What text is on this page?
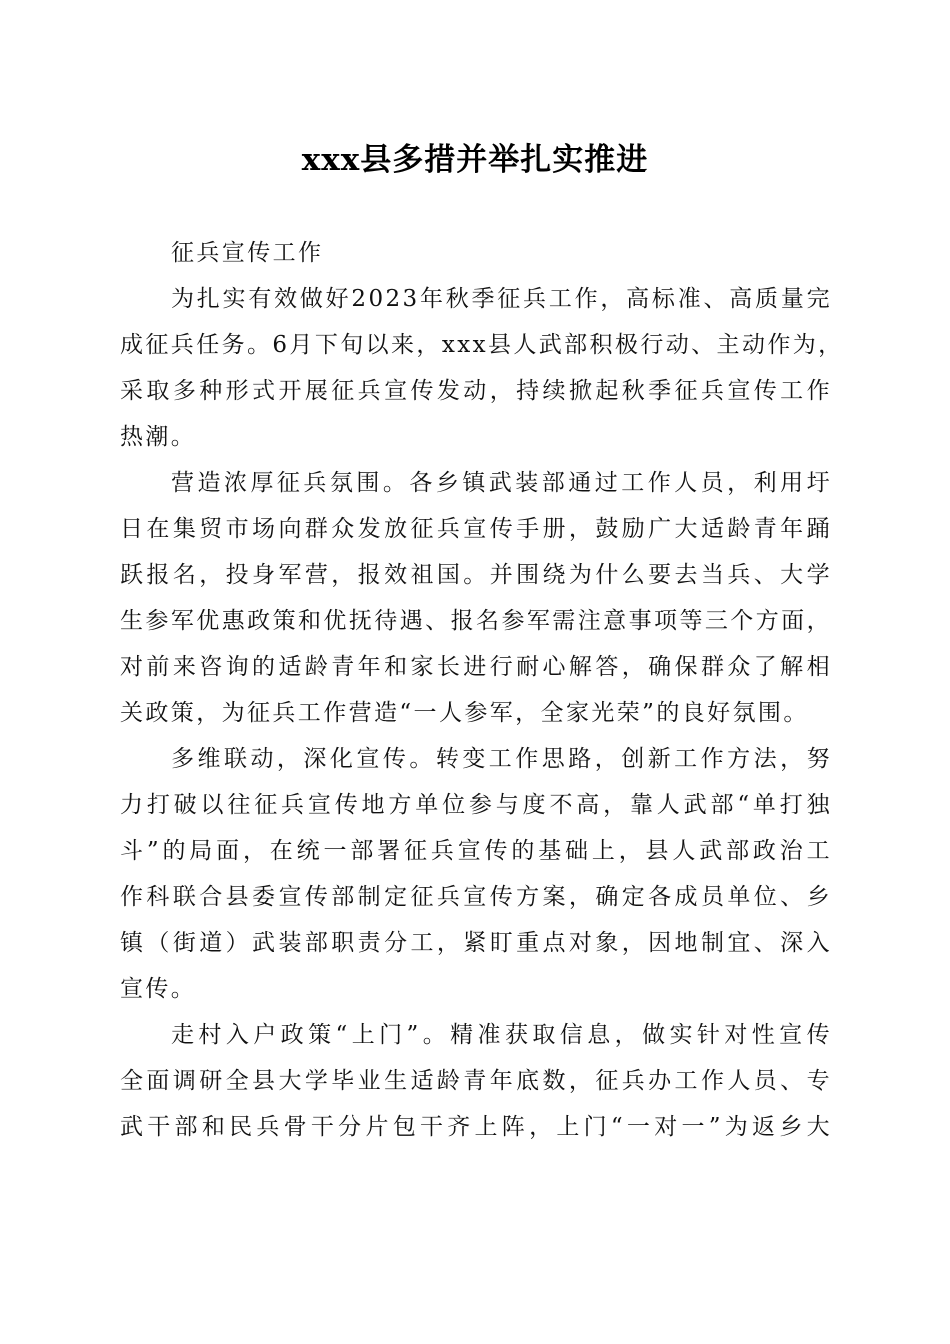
xxx县多措并举扎实推进
征兵宣传工作
为扎实有效做好2023年秋季征兵工作，高标准、高质量完
成征兵任务。6月下旬以来，xxx县人武部积极行动、主动作为，
采取多种形式开展征兵宣传发动，持续掀起秋季征兵宣传工作
热潮。
营造浓厚征兵氛围。各乡镇武装部通过工作人员，利用圩
日在集贸市场向群众发放征兵宣传手册，鼓励广大适龄青年踊
跃报名，投身军营，报效祖国。并围绕为什么要去当兵、大学
生参军优惠政策和优抚待遇、报名参军需注意事项等三个方面，
对前来咨询的适龄青年和家长进行耐心解答，确保群众了解相
关政策，为征兵工作营造“一人参军，全家光荣”的良好氛围。
多维联动，深化宣传。转变工作思路，创新工作方法，努
力打破以往征兵宣传地方单位参与度不高，靠人武部“单打独
斗”的局面，在统一部署征兵宣传的基础上，县人武部政治工
作科联合县委宣传部制定征兵宣传方案，确定各成员单位、乡
镇（街道）武装部职责分工，紧盯重点对象，因地制宜、深入
宣传。
走村入户政策“上门”。精准获取信息，做实针对性宣传
全面调研全县大学毕业生适龄青年底数，征兵办工作人员、专
武干部和民兵骨干分片包干齐上阵，上门“一对一”为返乡大
